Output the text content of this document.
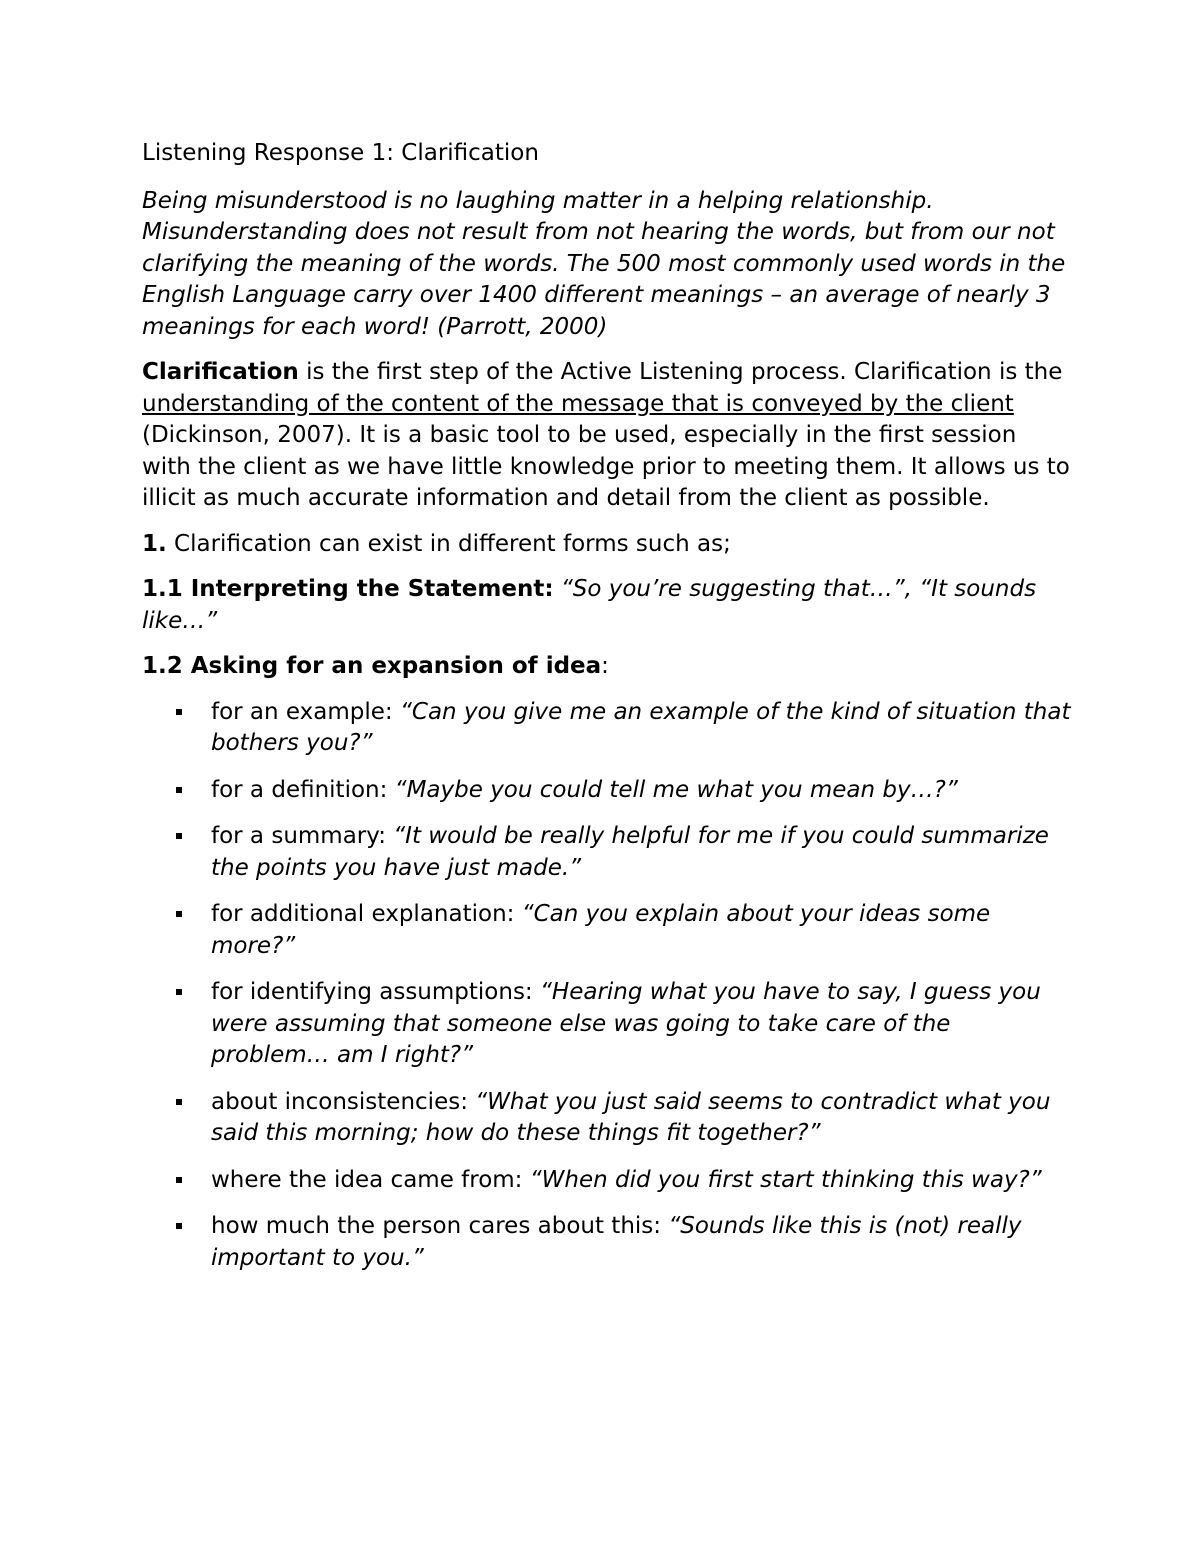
Listening Response 1: Clarification

Being misunderstood is no laughing matter in a helping relationship. Misunderstanding does not result from not hearing the words, but from our not clarifying the meaning of the words. The 500 most commonly used words in the English Language carry over 1400 different meanings – an average of nearly 3 meanings for each word! (Parrott, 2000)

Clarification is the first step of the Active Listening process. Clarification is the understanding of the content of the message that is conveyed by the client (Dickinson, 2007). It is a basic tool to be used, especially in the first session with the client as we have little knowledge prior to meeting them. It allows us to illicit as much accurate information and detail from the client as possible.

1. Clarification can exist in different forms such as;

1.1 Interpreting the Statement: “So you’re suggesting that…”, “It sounds like…”

1.2 Asking for an expansion of idea:

for an example: “Can you give me an example of the kind of situation that bothers you?”
for a definition: “Maybe you could tell me what you mean by…?”
for a summary: “It would be really helpful for me if you could summarize the points you have just made.”
for additional explanation: “Can you explain about your ideas some more?”
for identifying assumptions: “Hearing what you have to say, I guess you were assuming that someone else was going to take care of the problem… am I right?”
about inconsistencies: “What you just said seems to contradict what you said this morning; how do these things fit together?”
where the idea came from: “When did you first start thinking this way?”
how much the person cares about this: “Sounds like this is (not) really important to you.”
